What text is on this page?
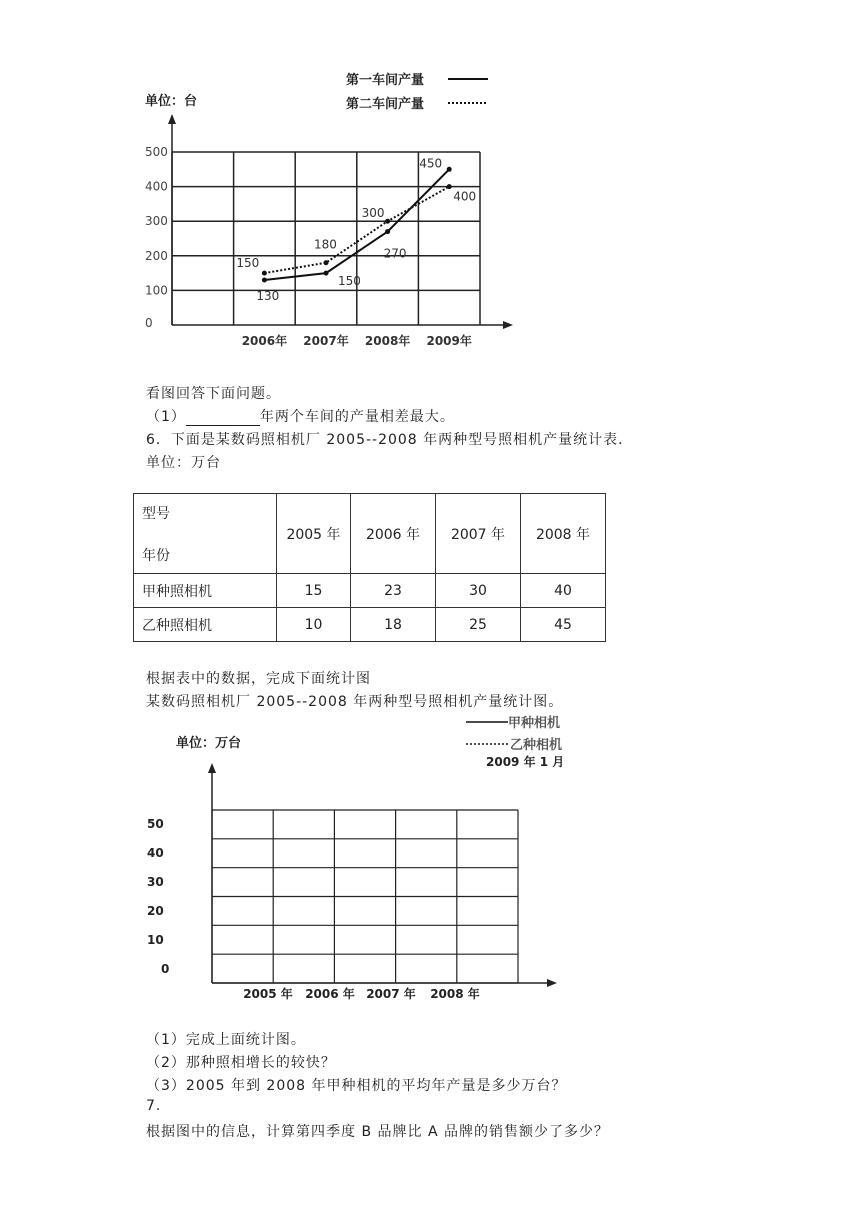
第一车间产量
第二车间产量
单位：台
0
100
200
300
400
500
2006年 2007年 2008年 2009年
130
150
270
450
150
180
300
400
看图回答下面问题。
（1）	年两个车间的产量相差最大。
6．下面是某数码照相机厂 2005--2008 年两种型号照相机产量统计表．
单位：万台
型号
年份	2005 年	2006 年	2007 年	2008 年
甲种照相机	15	23	30	40
乙种照相机	10	18	25	45
根据表中的数据，完成下面统计图
某数码照相机厂 2005--2008 年两种型号照相机产量统计图。
甲种相机
乙种相机
2009 年 1 月
单位：万台
0
10
20
30
40
50
2005 年 2006 年 2007 年 2008 年
（1）完成上面统计图。
（2）那种照相增长的较快？
（3）2005 年到 2008 年甲种相机的平均年产量是多少万台？
7.
根据图中的信息，计算第四季度 B 品牌比 A 品牌的销售额少了多少？
